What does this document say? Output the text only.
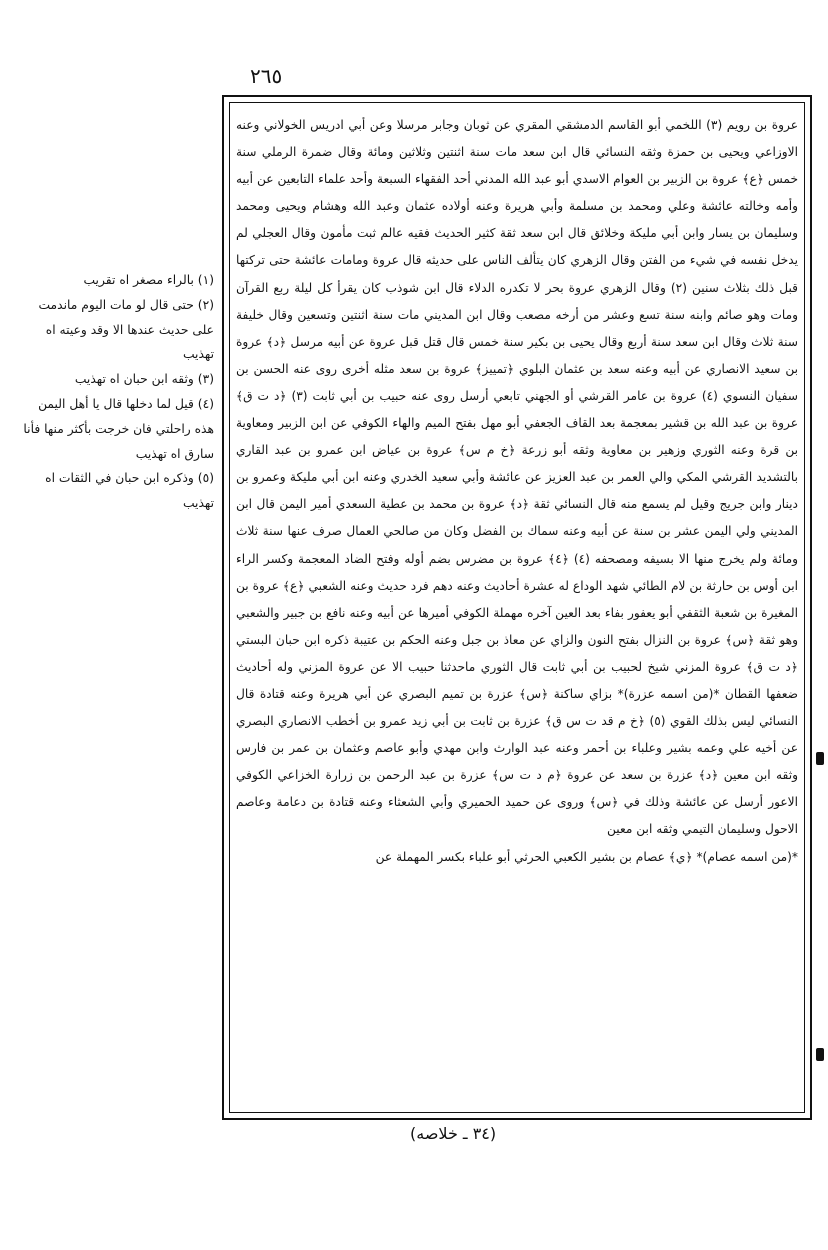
٢٦٥

عروة بن رويم (٣) اللخمي أبو القاسم الدمشقي المقري عن ثوبان وجابر مرسلا وعن أبي ادريس الخولاني وعنه الاوزاعي ويحيى بن حمزة وثقه النسائي قال ابن سعد مات سنة اثنتين وثلاثين ومائة وقال ضمرة الرملي سنة خمس ﴿ع﴾ عروة بن الزبير بن العوام الاسدي أبو عبد الله المدني أحد الفقهاء السبعة وأحد علماء التابعين عن أبيه وأمه وخالته عائشة وعلي ومحمد بن مسلمة وأبي هريرة وعنه أولاده عثمان وعبد الله وهشام ويحيى ومحمد وسليمان بن يسار وابن أبي مليكة وخلائق قال ابن سعد ثقة كثير الحديث فقيه عالم ثبت مأمون وقال العجلي لم يدخل نفسه في شيء من الفتن وقال الزهري كان يتألف الناس على حديثه قال عروة ومامات عائشة حتى تركتها قبل ذلك بثلاث سنين (٢) وقال الزهري عروة بحر لا تكدره الدلاء قال ابن شوذب كان يقرأ كل ليلة ربع القرآن ومات وهو صائم وابنه سنة تسع وعشر من أرخه مصعب وقال ابن المديني مات سنة اثنتين وتسعين وقال خليفة سنة ثلاث وقال ابن سعد سنة أربع وقال يحيى بن بكير سنة خمس قال قتل قبل عروة عن أبيه مرسل ﴿د﴾ عروة بن سعيد الانصاري عن أبيه وعنه سعد بن عثمان البلوي ﴿تمييز﴾ عروة بن سعد مثله أخرى روى عنه الحسن بن سفيان النسوي (٤) عروة بن عامر القرشي أو الجهني تابعي أرسل روى عنه حبيب بن أبي ثابت (٣) ﴿د ت ق﴾ عروة بن عبد الله بن قشير بمعجمة بعد القاف الجعفي أبو مهل بفتح الميم والهاء الكوفي عن ابن الزبير ومعاوية بن قرة وعنه الثوري وزهير بن معاوية وثقه أبو زرعة ﴿خ م س﴾ عروة بن عياض ابن عمرو بن عبد القاري بالتشديد القرشي المكي والي العمر بن عبد العزيز عن عائشة وأبي سعيد الخدري وعنه ابن أبي مليكة وعمرو بن دينار وابن جريج وقيل لم يسمع منه قال النسائي ثقة ﴿د﴾ عروة بن محمد بن عطية السعدي أمير اليمن قال ابن المديني ولي اليمن عشر بن سنة عن أبيه وعنه سماك بن الفضل وكان من صالحي العمال صرف عنها سنة ثلاث ومائة ولم يخرج منها الا بسيفه ومصحفه (٤) ﴿٤﴾ عروة بن مضرس بضم أوله وفتح الضاد المعجمة وكسر الراء ابن أوس بن حارثة بن لام الطائي شهد الوداع له عشرة أحاديث وعنه دهم فرد حديث وعنه الشعبي ﴿ع﴾ عروة بن المغيرة بن شعبة الثقفي أبو يعفور بفاء بعد العين آخره مهملة الكوفي أميرها عن أبيه وعنه نافع بن جبير والشعبي وهو ثقة ﴿س﴾ عروة بن النزال بفتح النون والزاي عن معاذ بن جبل وعنه الحكم بن عتيبة ذكره ابن حبان البستي ﴿د ت ق﴾ عروة المزني شيخ لحبيب بن أبي ثابت قال الثوري ماحدثنا حبيب الا عن عروة المزني وله أحاديث ضعفها القطان *(من اسمه عزرة)* بزاي ساكنة ﴿س﴾ عزرة بن تميم البصري عن أبي هريرة وعنه قتادة قال النسائي ليس بذلك القوي (٥) ﴿خ م قد ت س ق﴾ عزرة بن ثابت بن أبي زيد عمرو بن أخطب الانصاري البصري عن أخيه علي وعمه بشير وعلباء بن أحمر وعنه عبد الوارث وابن مهدي وأبو عاصم وعثمان بن عمر بن فارس وثقه ابن معين ﴿د﴾ عزرة بن سعد عن عروة ﴿م د ت س﴾ عزرة بن عبد الرحمن بن زرارة الخزاعي الكوفي الاعور أرسل عن عائشة وذلك في ﴿س﴾ وروى عن حميد الحميري وأبي الشعثاء وعنه قتادة بن دعامة وعاصم الاحول وسليمان التيمي وثقه ابن معين

*(من اسمه عصام)* ﴿ي﴾ عصام بن بشير الكعبي الحرثي أبو علباء بكسر المهملة عن

(١) بالراء مصغر اه تقريب

(٢) حتى قال لو مات اليوم ماندمت على حديث عندها الا وقد وعيته اه تهذيب

(٣) وثقه ابن حبان اه تهذيب

(٤) قيل لما دخلها قال يا أهل اليمن هذه راحلتي فان خرجت بأكثر منها فأنا سارق اه تهذيب

(٥) وذكره ابن حبان في الثقات اه تهذيب

(٣٤ ـ خلاصه)
